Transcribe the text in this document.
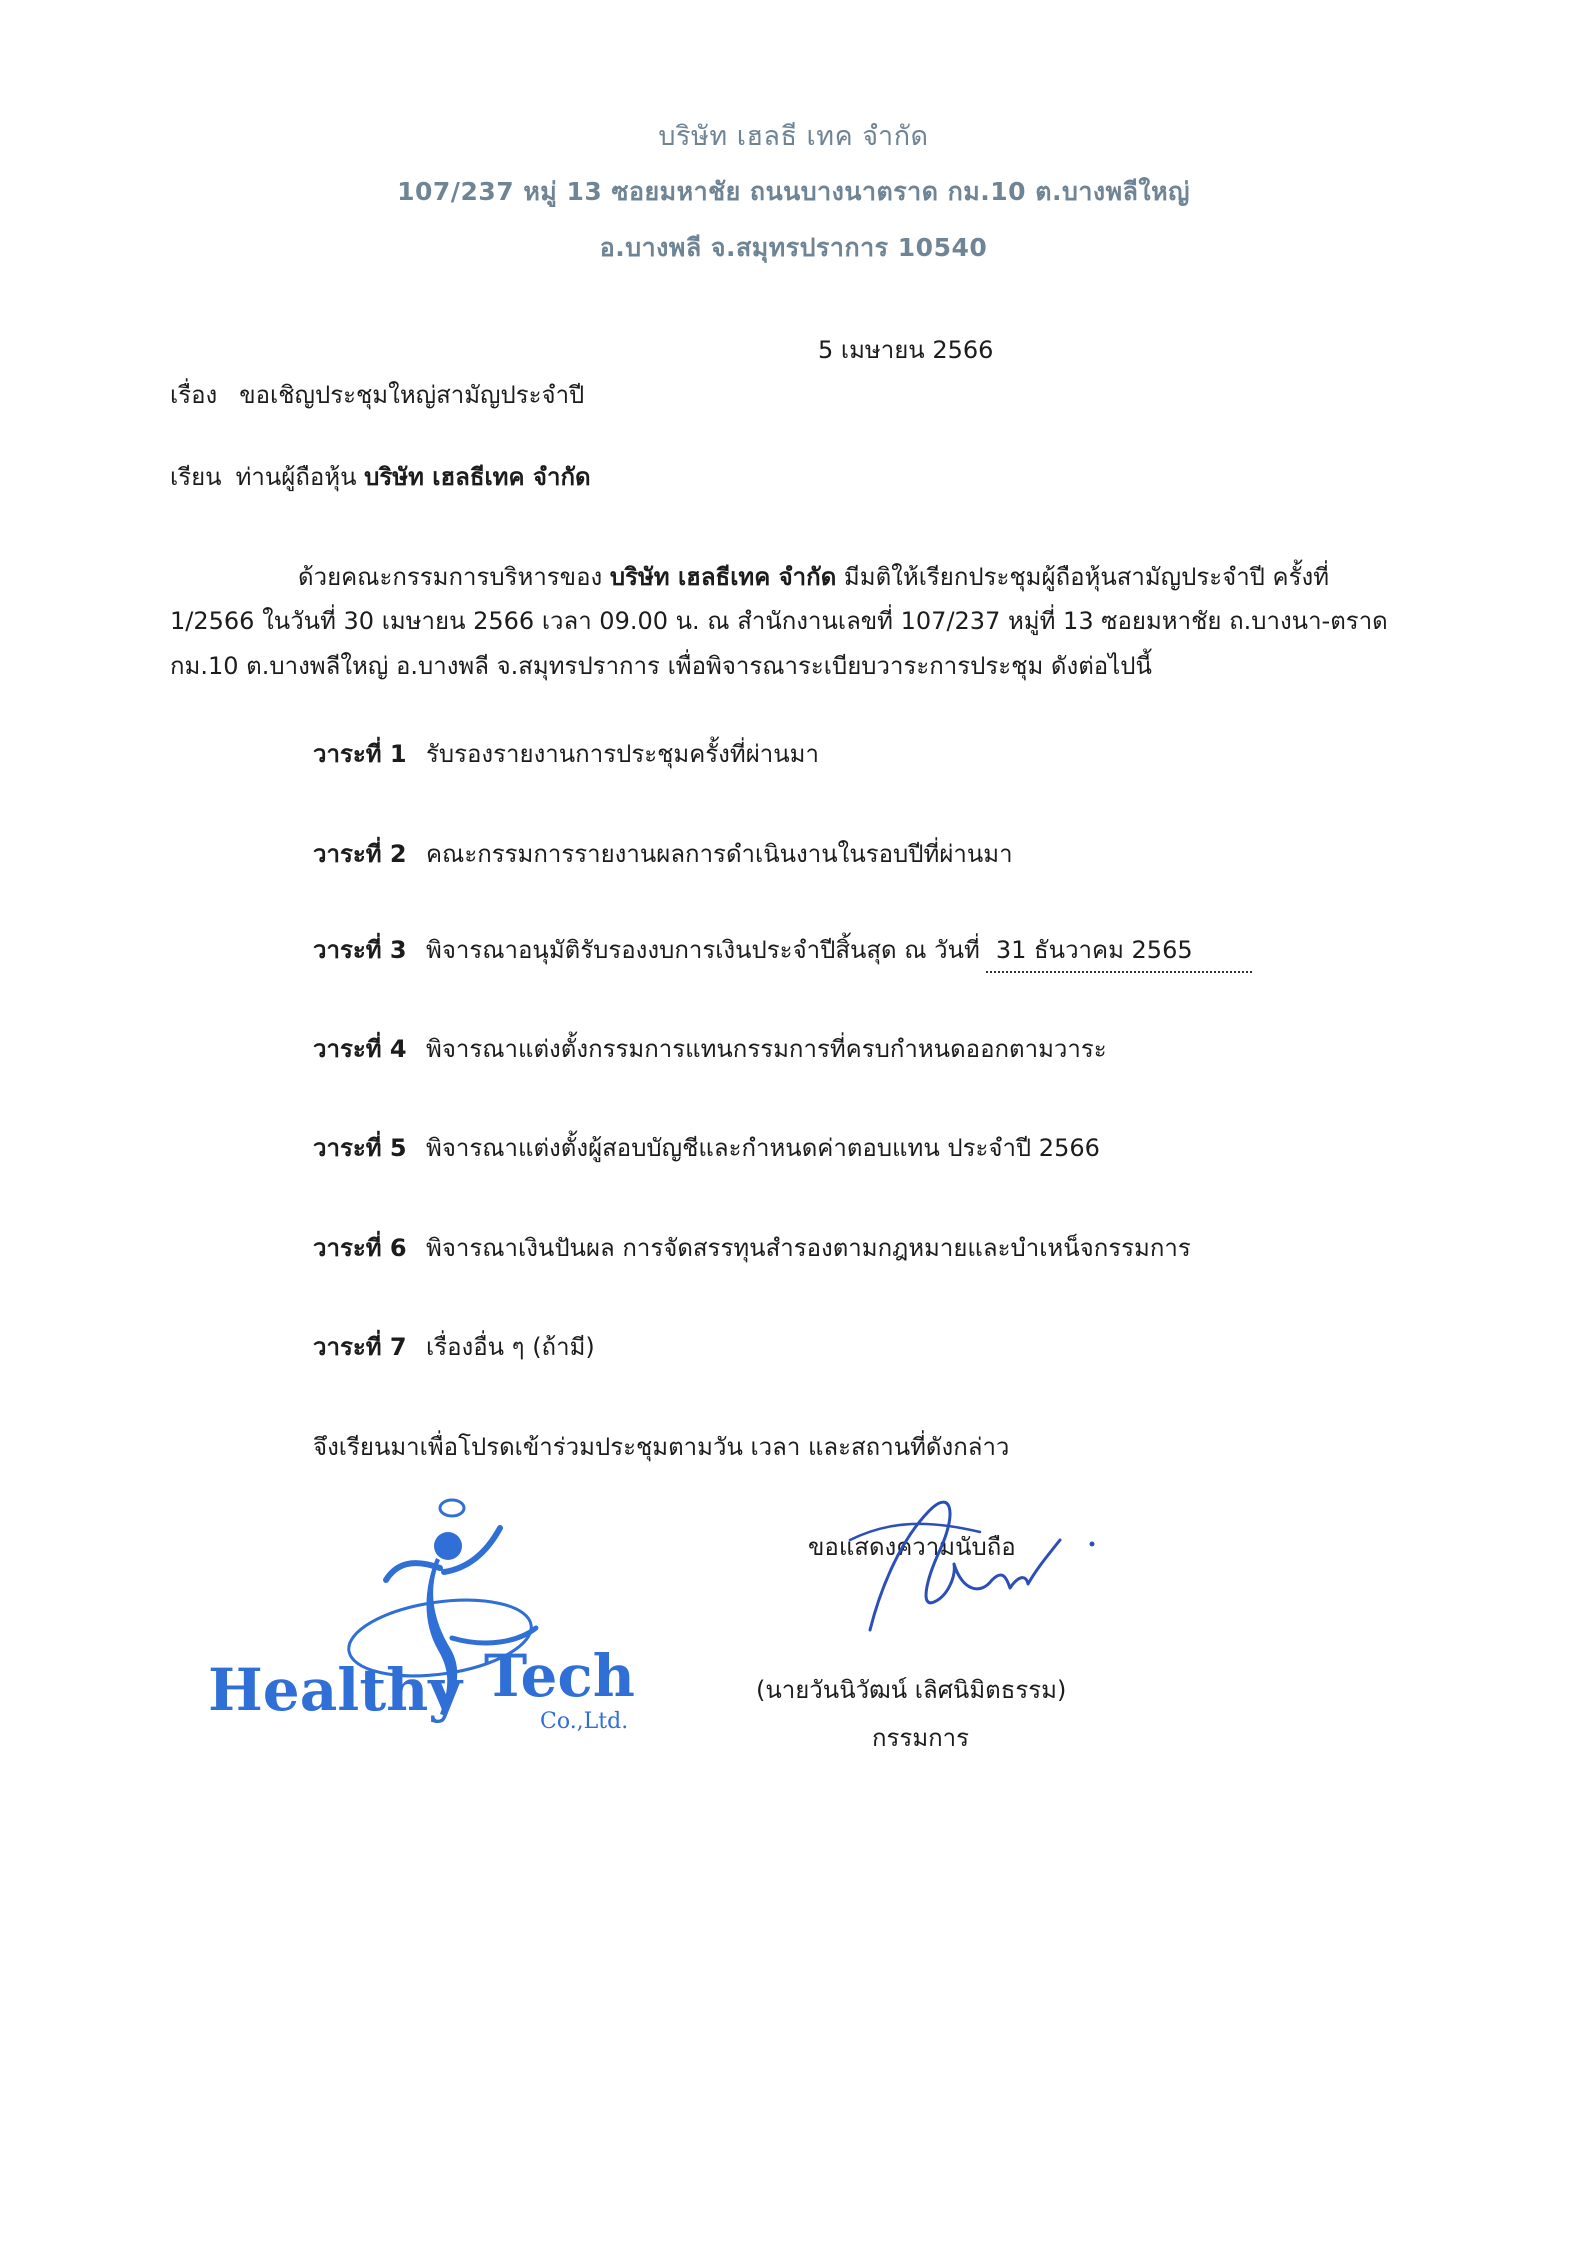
บริษัท เฮลธี เทค จำกัด
107/237 หมู่ 13 ซอยมหาชัย ถนนบางนาตราด กม.10 ต.บางพลีใหญ่
อ.บางพลี จ.สมุทรปราการ 10540
5 เมษายน 2566
เรื่อง ขอเชิญประชุมใหญ่สามัญประจำปี
เรียน ท่านผู้ถือหุ้น บริษัท เฮลธีเทค จำกัด
ด้วยคณะกรรมการบริหารของ บริษัท เฮลธีเทค จำกัด มีมติให้เรียกประชุมผู้ถือหุ้นสามัญประจำปี ครั้งที่
1/2566 ในวันที่ 30 เมษายน 2566 เวลา 09.00 น. ณ สำนักงานเลขที่ 107/237 หมู่ที่ 13 ซอยมหาชัย ถ.บางนา-ตราด
กม.10 ต.บางพลีใหญ่ อ.บางพลี จ.สมุทรปราการ เพื่อพิจารณาระเบียบวาระการประชุม ดังต่อไปนี้
วาระที่ 1 รับรองรายงานการประชุมครั้งที่ผ่านมา
วาระที่ 2 คณะกรรมการรายงานผลการดำเนินงานในรอบปีที่ผ่านมา
วาระที่ 3 พิจารณาอนุมัติรับรองงบการเงินประจำปีสิ้นสุด ณ วันที่ 31 ธันวาคม 2565
วาระที่ 4 พิจารณาแต่งตั้งกรรมการแทนกรรมการที่ครบกำหนดออกตามวาระ
วาระที่ 5 พิจารณาแต่งตั้งผู้สอบบัญชีและกำหนดค่าตอบแทน ประจำปี 2566
วาระที่ 6 พิจารณาเงินปันผล การจัดสรรทุนสำรองตามกฎหมายและบำเหน็จกรรมการ
วาระที่ 7 เรื่องอื่น ๆ (ถ้ามี)
จึงเรียนมาเพื่อโปรดเข้าร่วมประชุมตามวัน เวลา และสถานที่ดังกล่าว
ขอแสดงความนับถือ
Healthy Tech
Co.,Ltd.
(นายวันนิวัฒน์ เลิศนิมิตธรรม)
กรรมการ
